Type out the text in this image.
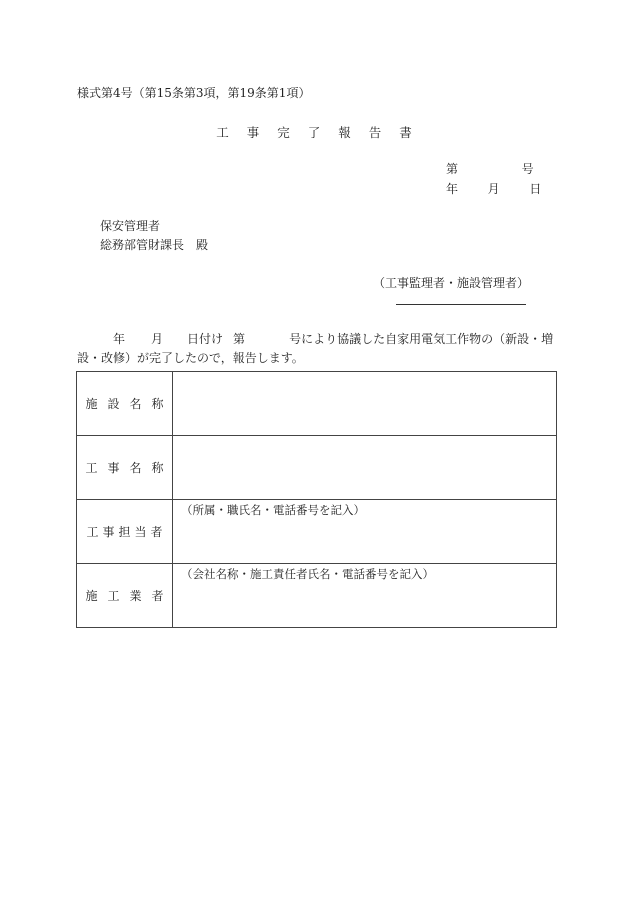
様式第4号（第15条第3項，第19条第1項）
工 事 完 了 報 告 書
第	号
年 月 日
保安管理者
総務部管財課長　殿
（工事監理者・施設管理者）
年 月 日付け 第	号により協議した自家用電気工作物の（新設・増設・改修）が完了したので，報告します。
施 設 名 称	
工 事 名 称	
工 事 担 当 者	（所属・職氏名・電話番号を記入）

施 工 業 者	（会社名称・施工責任者氏名・電話番号を記入）
